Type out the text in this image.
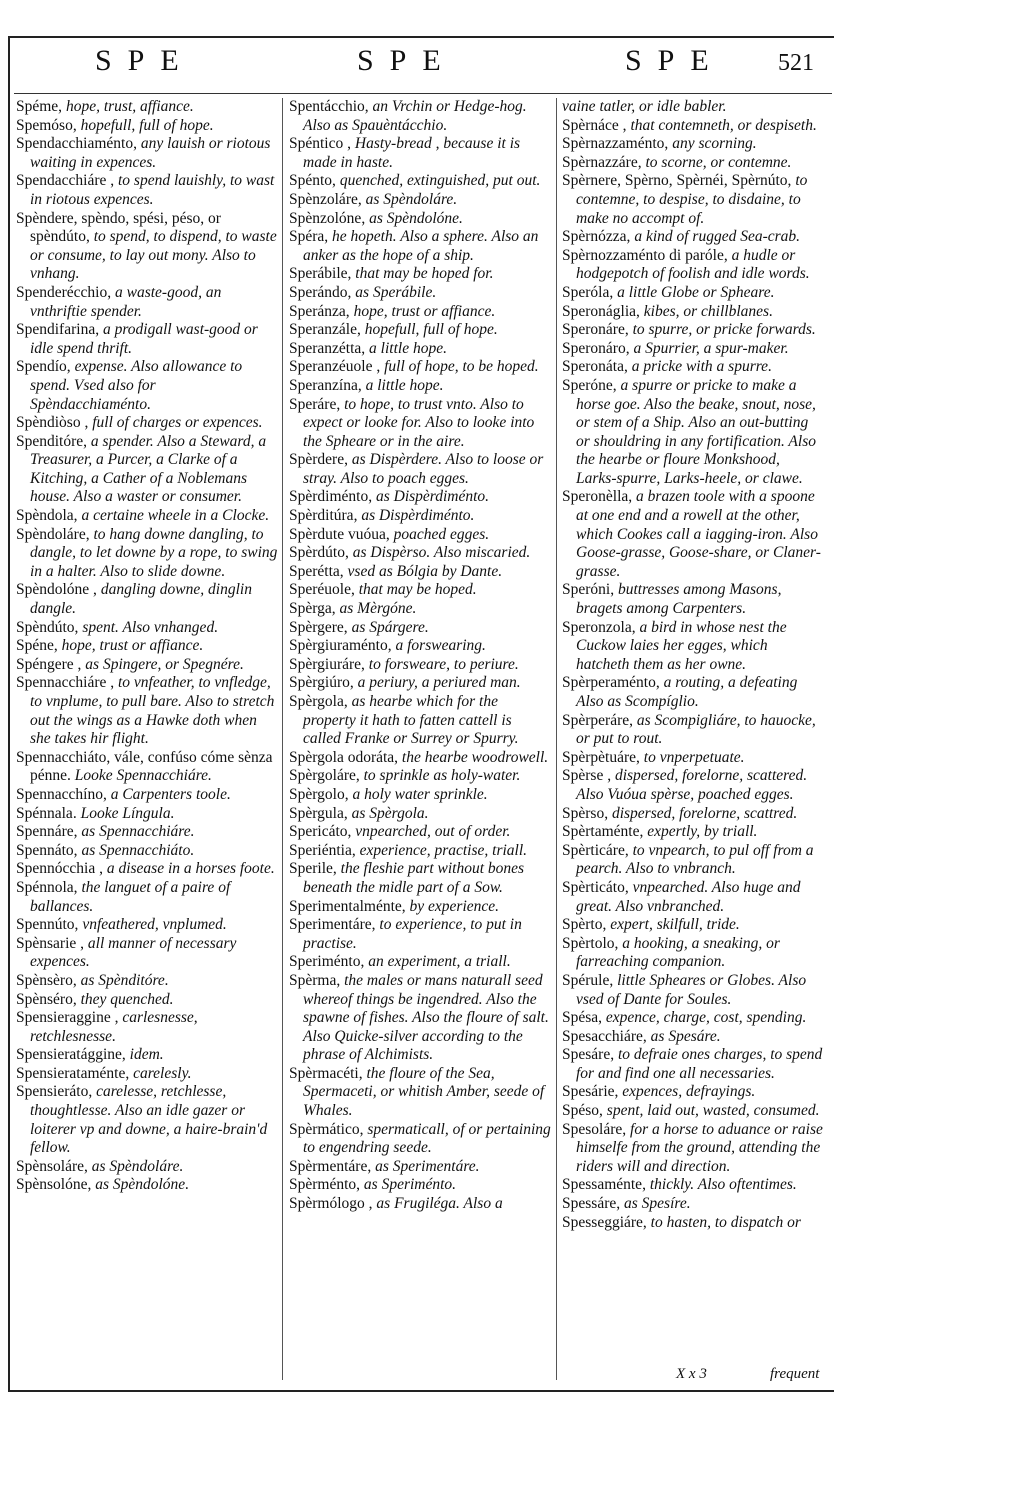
SPE	SPE	SPE 521
Spéme, hope, trust, affiance.
Spemóso, hopefull, full of hope.
Spendacchiaménto, any lauish or riotous waiting in expences.
Spendacchiáre , to spend lauishly, to wast in riotous expences.
Spèndere, spèndo, spési, péso, or spèndúto, to spend, to dispend, to waste or consume, to lay out mony. Also to vnhang.
Spenderécchio, a waste-good, an vnthriftie spender.
Spendifarina, a prodigall wast-good or idle spend thrift.
Spendío, expense. Also allowance to spend. Vsed also for Spèndacchiaménto.
Spèndiòso , full of charges or expences.
Spenditóre, a spender. Also a Steward, a Treasurer, a Purcer, a Clarke of a Kitching, a Cather of a Noblemans house. Also a waster or consumer.
Spèndola, a certaine wheele in a Clocke.
Spèndoláre, to hang downe dangling, to dangle, to let downe by a rope, to swing in a halter. Also to slide downe.
Spèndolóne , dangling downe, dinglin dangle.
Spèndúto, spent. Also vnhanged.
Spéne, hope, trust or affiance.
Spéngere , as Spingere, or Spegnére.
Spennacchiáre , to vnfeather, to vnfledge, to vnplume, to pull bare. Also to stretch out the wings as a Hawke doth when she takes hir flight.
Spennacchiáto, vále, confúso cóme sènza pénne. Looke Spennacchiáre.
Spennacchíno, a Carpenters toole.
Spénnala. Looke Língula.
Spennáre, as Spennacchiáre.
Spennáto, as Spennacchiáto.
Spennócchia , a disease in a horses foote.
Spénnola, the languet of a paire of ballances.
Spennúto, vnfeathered, vnplumed.
Spènsarie , all manner of necessary expences.
Spènsèro, as Spènditóre.
Spènséro, they quenched.
Spensieraggine , carlesnesse, retchlesnesse.
Spensieratággine, idem.
Spensierataménte, carelesly.
Spensieráto, carelesse, retchlesse, thoughtlesse. Also an idle gazer or loiterer vp and downe, a haire-brain'd fellow.
Spènsoláre, as Spèndoláre.
Spènsolóne, as Spèndolóne.
Spentácchio, an Vrchin or Hedge-hog. Also as Spauèntácchio.
Spéntico , Hasty-bread , because it is made in haste.
Spénto, quenched, extinguished, put out.
Spènzoláre, as Spèndoláre.
Spènzolóne, as Spèndolóne.
Spéra, he hopeth. Also a sphere. Also an anker as the hope of a ship.
Sperábile, that may be hoped for.
Sperándo, as Sperábile.
Speránza, hope, trust or affiance.
Speranzále, hopefull, full of hope.
Speranzétta, a little hope.
Speranzéuole , full of hope, to be hoped.
Speranzína, a little hope.
Speráre, to hope, to trust vnto. Also to expect or looke for. Also to looke into the Spheare or in the aire.
Spèrdere, as Dispèrdere. Also to loose or stray. Also to poach egges.
Spèrdiménto, as Dispèrdiménto.
Spèrditúra, as Dispèrdiménto.
Spèrdute vuóua, poached egges.
Spèrdúto, as Dispèrso. Also miscaried.
Sperétta, vsed as Bólgia by Dante.
Speréuole, that may be hoped.
Spèrga, as Mèrgóne.
Spèrgere, as Spárgere.
Spèrgiuraménto, a forswearing.
Spèrgiuráre, to forsweare, to periure.
Spèrgiúro, a periury, a periured man.
Spèrgola, as hearbe which for the property it hath to fatten cattell is called Franke or Surrey or Spurry.
Spèrgola odoráta, the hearbe woodrowell.
Spèrgoláre, to sprinkle as holy-water.
Spèrgolo, a holy water sprinkle.
Spèrgula, as Spèrgola.
Spericáto, vnpearched, out of order.
Speriéntia, experience, practise, triall.
Sperile, the fleshie part without bones beneath the midle part of a Sow.
Sperimentalménte, by experience.
Sperimentáre, to experience, to put in practise.
Speriménto, an experiment, a triall.
Spèrma, the males or mans naturall seed whereof things be ingendred. Also the spawne of fishes. Also the floure of salt. Also Quicke-silver according to the phrase of Alchimists.
Spèrmacéti, the floure of the Sea, Spermaceti, or whitish Amber, seede of Whales.
Spèrmático, spermaticall, of or pertaining to engendring seede.
Spèrmentáre, as Sperimentáre.
Spèrménto, as Speriménto.
Spèrmólogo , as Frugiléga. Also a
vaine tatler, or idle babler.
Spèrnáce , that contemneth, or despiseth.
Spèrnazzaménto, any scorning.
Spèrnazzáre, to scorne, or contemne.
Spèrnere, Spèrno, Spèrnéi, Spèrnúto, to contemne, to despise, to disdaine, to make no accompt of.
Spèrnózza, a kind of rugged Sea-crab.
Spèrnozzaménto di paróle, a hudle or hodgepotch of foolish and idle words.
Speróla, a little Globe or Spheare.
Speronáglia, kibes, or chillblanes.
Speronáre, to spurre, or pricke forwards.
Speronáro, a Spurrier, a spur-maker.
Speronáta, a pricke with a spurre.
Speróne, a spurre or pricke to make a horse goe. Also the beake, snout, nose, or stem of a Ship. Also an out-butting or shouldring in any fortification. Also the hearbe or floure Monkshood, Larks-spurre, Larks-heele, or clawe.
Speronèlla, a brazen toole with a spoone at one end and a rowell at the other, which Cookes call a iagging-iron. Also Goose-grasse, Goose-share, or Claner-grasse.
Speróni, buttresses among Masons, bragets among Carpenters.
Speronzola, a bird in whose nest the Cuckow laies her egges, which hatcheth them as her owne.
Spèrperaménto, a routing, a defeating Also as Scompíglio.
Spèrperáre, as Scompigliáre, to hauocke, or put to rout.
Spèrpètuáre, to vnperpetuate.
Spèrse , dispersed, forelorne, scattered. Also Vuóua spèrse, poached egges.
Spèrso, dispersed, forelorne, scattred.
Spèrtaménte, expertly, by triall.
Spèrticáre, to vnpearch, to pul off from a pearch. Also to vnbranch.
Spèrticáto, vnpearched. Also huge and great. Also vnbranched.
Spèrto, expert, skilfull, tride.
Spèrtolo, a hooking, a sneaking, or farreaching companion.
Spérule, little Spheares or Globes. Also vsed of Dante for Soules.
Spésa, expence, charge, cost, spending.
Spesacchiáre, as Spesáre.
Spesáre, to defraie ones charges, to spend for and find one all necessaries.
Spesárie, expences, defrayings.
Spéso, spent, laid out, wasted, consumed.
Spesoláre, for a horse to aduance or raise himselfe from the ground, attending the riders will and direction.
Spessaménte, thickly. Also oftentimes.
Spessáre, as Spesíre.
Spesseggiáre, to hasten, to dispatch or
X x 3	frequent
